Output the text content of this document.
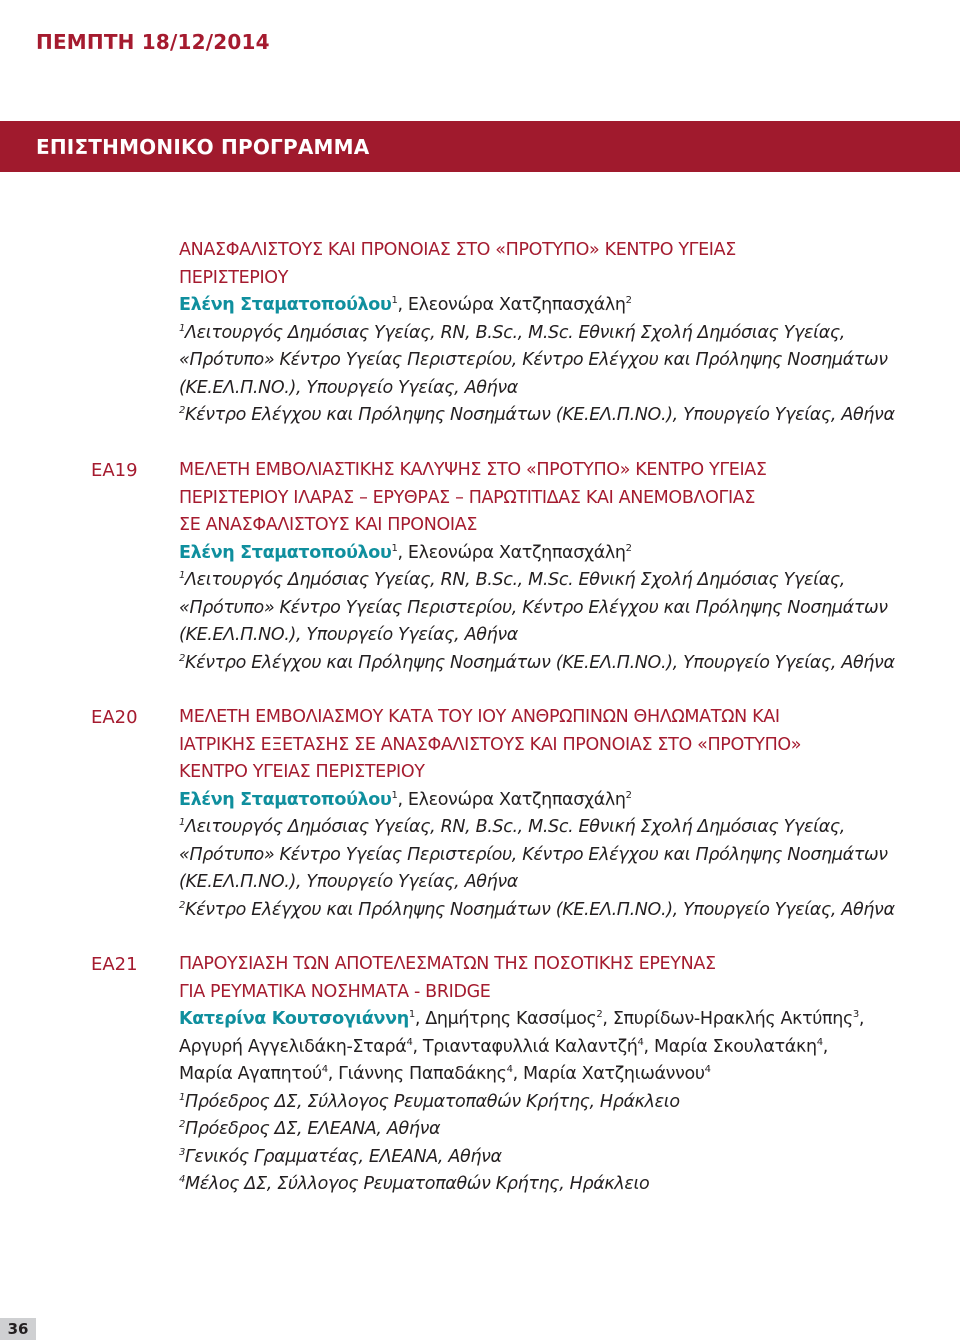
ΠΕΜΠΤΗ 18/12/2014
ΕΠΙΣΤΗΜΟΝΙΚΟ ΠΡΟΓΡΑΜΜΑ
ΑΝΑΣΦΑΛΙΣΤΟΥΣ ΚΑΙ ΠΡΟΝΟΙΑΣ ΣΤΟ «ΠΡΟΤΥΠΟ» ΚΕΝΤΡΟ ΥΓΕΙΑΣ
ΠΕΡΙΣΤΕΡΙΟΥ
Ελένη Σταματοπούλου$^1$, Ελεονώρα Χατζηπασχάλη$^2$
$^1$Λειτουργός Δημόσιας Υγείας, RN, B.Sc., M.Sc. Εθνική Σχολή Δημόσιας Υγείας,
«Πρότυπο» Κέντρο Υγείας Περιστερίου, Κέντρο Ελέγχου και Πρόληψης Νοσημάτων
(ΚΕ.ΕΛ.Π.ΝΟ.), Υπουργείο Υγείας, Αθήνα
$^2$Κέντρο Ελέγχου και Πρόληψης Νοσημάτων (ΚΕ.ΕΛ.Π.ΝΟ.), Υπουργείο Υγείας, Αθήνα
ΕΑ19 ΜΕΛΕΤΗ ΕΜΒΟΛΙΑΣΤΙΚΗΣ ΚΑΛΥΨΗΣ ΣΤΟ «ΠΡΟΤΥΠΟ» ΚΕΝΤΡΟ ΥΓΕΙΑΣ
ΠΕΡΙΣΤΕΡΙΟΥ ΙΛΑΡΑΣ – ΕΡΥΘΡΑΣ – ΠΑΡΩΤΙΤΙΔΑΣ ΚΑΙ ΑΝΕΜΟΒΛΟΓΙΑΣ
ΣΕ ΑΝΑΣΦΑΛΙΣΤΟΥΣ ΚΑΙ ΠΡΟΝΟΙΑΣ
Ελένη Σταματοπούλου$^1$, Ελεονώρα Χατζηπασχάλη$^2$
$^1$Λειτουργός Δημόσιας Υγείας, RN, B.Sc., M.Sc. Εθνική Σχολή Δημόσιας Υγείας,
«Πρότυπο» Κέντρο Υγείας Περιστερίου, Κέντρο Ελέγχου και Πρόληψης Νοσημάτων
(ΚΕ.ΕΛ.Π.ΝΟ.), Υπουργείο Υγείας, Αθήνα
$^2$Κέντρο Ελέγχου και Πρόληψης Νοσημάτων (ΚΕ.ΕΛ.Π.ΝΟ.), Υπουργείο Υγείας, Αθήνα
ΕΑ20 ΜΕΛΕΤΗ ΕΜΒΟΛΙΑΣΜΟΥ ΚΑΤΑ ΤΟΥ ΙΟΥ ΑΝΘΡΩΠΙΝΩΝ ΘΗΛΩΜΑΤΩΝ ΚΑΙ
ΙΑΤΡΙΚΗΣ ΕΞΕΤΑΣΗΣ ΣΕ ΑΝΑΣΦΑΛΙΣΤΟΥΣ ΚΑΙ ΠΡΟΝΟΙΑΣ ΣΤΟ «ΠΡΟΤΥΠΟ»
ΚΕΝΤΡΟ ΥΓΕΙΑΣ ΠΕΡΙΣΤΕΡΙΟΥ
Ελένη Σταματοπούλου$^1$, Ελεονώρα Χατζηπασχάλη$^2$
$^1$Λειτουργός Δημόσιας Υγείας, RN, B.Sc., M.Sc. Εθνική Σχολή Δημόσιας Υγείας,
«Πρότυπο» Κέντρο Υγείας Περιστερίου, Κέντρο Ελέγχου και Πρόληψης Νοσημάτων
(ΚΕ.ΕΛ.Π.ΝΟ.), Υπουργείο Υγείας, Αθήνα
$^2$Κέντρο Ελέγχου και Πρόληψης Νοσημάτων (ΚΕ.ΕΛ.Π.ΝΟ.), Υπουργείο Υγείας, Αθήνα
ΕΑ21 ΠΑΡΟΥΣΙΑΣΗ ΤΩΝ ΑΠΟΤΕΛΕΣΜΑΤΩΝ ΤΗΣ ΠΟΣΟΤΙΚΗΣ ΕΡΕΥΝΑΣ
ΓΙΑ ΡΕΥΜΑΤΙΚΑ ΝΟΣΗΜΑΤΑ - BRIDGE
Κατερίνα Κουτσογιάννη$^1$, Δημήτρης Κασσίμος$^2$, Σπυρίδων-Ηρακλής Ακτύπης$^3$,
Αργυρή Αγγελιδάκη-Σταρά$^4$, Τριανταφυλλιά Καλαντζή$^4$, Μαρία Σκουλατάκη$^4$,
Μαρία Αγαπητού$^4$, Γιάννης Παπαδάκης$^4$, Μαρία Χατζηιωάννου$^4$
$^1$Πρόεδρος ΔΣ, Σύλλογος Ρευματοπαθών Κρήτης, Ηράκλειο
$^2$Πρόεδρος ΔΣ, ΕΛΕΑΝΑ, Αθήνα
$^3$Γενικός Γραμματέας, ΕΛΕΑΝΑ, Αθήνα
$^4$Μέλος ΔΣ, Σύλλογος Ρευματοπαθών Κρήτης, Ηράκλειο
36
